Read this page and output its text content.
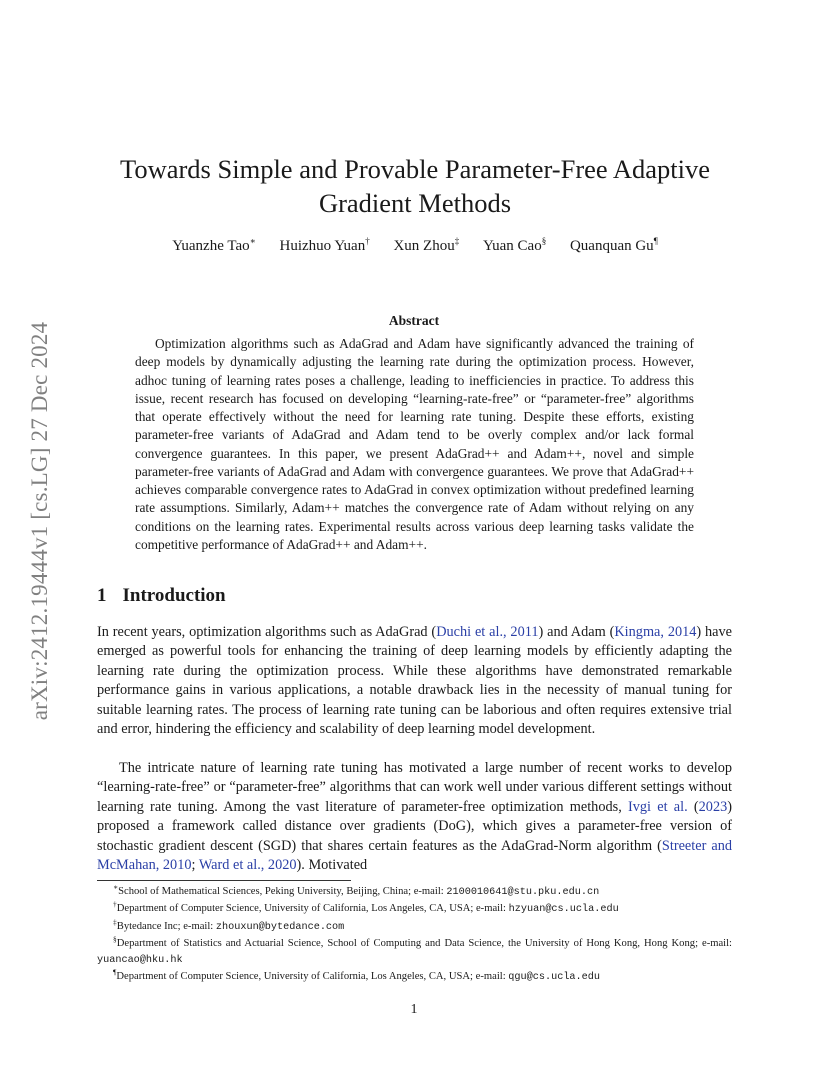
arXiv:2412.19444v1 [cs.LG] 27 Dec 2024
Towards Simple and Provable Parameter-Free Adaptive Gradient Methods
Yuanzhe Tao∗ Huizhuo Yuan† Xun Zhou‡ Yuan Cao§ Quanquan Gu¶
Abstract

Optimization algorithms such as AdaGrad and Adam have significantly advanced the training of deep models by dynamically adjusting the learning rate during the optimization process. However, adhoc tuning of learning rates poses a challenge, leading to inefficiencies in practice. To address this issue, recent research has focused on developing “learning-rate-free” or “parameter-free” algorithms that operate effectively without the need for learning rate tuning. Despite these efforts, existing parameter-free variants of AdaGrad and Adam tend to be overly complex and/or lack formal convergence guarantees. In this paper, we present AdaGrad++ and Adam++, novel and simple parameter-free variants of AdaGrad and Adam with convergence guarantees. We prove that AdaGrad++ achieves comparable convergence rates to AdaGrad in convex optimization without predefined learning rate assumptions. Similarly, Adam++ matches the convergence rate of Adam without relying on any conditions on the learning rates. Experimental results across various deep learning tasks validate the competitive performance of AdaGrad++ and Adam++.

1 Introduction

In recent years, optimization algorithms such as AdaGrad (Duchi et al., 2011) and Adam (Kingma, 2014) have emerged as powerful tools for enhancing the training of deep learning models by efficiently adapting the learning rate during the optimization process. While these algorithms have demonstrated remarkable performance gains in various applications, a notable drawback lies in the necessity of manual tuning for suitable learning rates. The process of learning rate tuning can be laborious and often requires extensive trial and error, hindering the efficiency and scalability of deep learning model development.

The intricate nature of learning rate tuning has motivated a large number of recent works to develop “learning-rate-free” or “parameter-free” algorithms that can work well under various different settings without learning rate tuning. Among the vast literature of parameter-free optimization methods, Ivgi et al. (2023) proposed a framework called distance over gradients (DoG), which gives a parameter-free version of stochastic gradient descent (SGD) that shares certain features as the AdaGrad-Norm algorithm (Streeter and McMahan, 2010; Ward et al., 2020). Motivated

∗School of Mathematical Sciences, Peking University, Beijing, China; e-mail: 2100010641@stu.pku.edu.cn

†Department of Computer Science, University of California, Los Angeles, CA, USA; e-mail: hzyuan@cs.ucla.edu

‡Bytedance Inc; e-mail: zhouxun@bytedance.com

§Department of Statistics and Actuarial Science, School of Computing and Data Science, the University of Hong Kong, Hong Kong; e-mail: yuancao@hku.hk

¶Department of Computer Science, University of California, Los Angeles, CA, USA; e-mail: qgu@cs.ucla.edu

1
